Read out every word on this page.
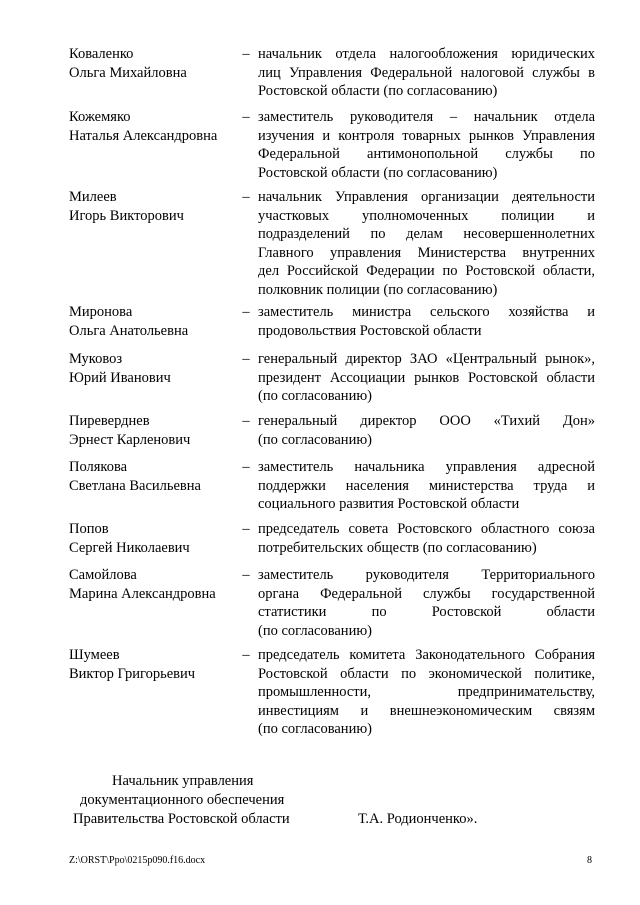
Коваленко
Ольга Михайловна
– начальник отдела налогообложения юридических
лиц Управления Федеральной налоговой службы в
Ростовской области (по согласованию)
Кожемяко
Наталья Александровна
– заместитель руководителя – начальник отдела
изучения и контроля товарных рынков Управления
Федеральной антимонопольной службы по
Ростовской области (по согласованию)
Милеев
Игорь Викторович
– начальник Управления организации деятельности
участковых уполномоченных полиции и
подразделений по делам несовершеннолетних
Главного управления Министерства внутренних
дел Российской Федерации по Ростовской области,
полковник полиции (по согласованию)
Миронова
Ольга Анатольевна
– заместитель министра сельского хозяйства и
продовольствия Ростовской области
Муковоз
Юрий Иванович
– генеральный директор ЗАО «Центральный рынок»,
президент Ассоциации рынков Ростовской области
(по согласованию)
Пиреверднев
Эрнест Карленович
– генеральный директор ООО «Тихий Дон»
(по согласованию)
Полякова
Светлана Васильевна
– заместитель начальника управления адресной
поддержки населения министерства труда и
социального развития Ростовской области
Попов
Сергей Николаевич
– председатель совета Ростовского областного союза
потребительских обществ (по согласованию)
Самойлова
Марина Александровна
– заместитель руководителя Территориального
органа Федеральной службы государственной
статистики по Ростовской области
(по согласованию)
Шумеев
Виктор Григорьевич
– председатель комитета Законодательного Собрания
Ростовской области по экономической политике,
промышленности, предпринимательству,
инвестициям и внешнеэкономическим связям
(по согласованию)
Начальник управления
документационного обеспечения
Правительства Ростовской области	Т.А. Родионченко».
Z:\ORST\Ppo\0215p090.f16.docx	8
